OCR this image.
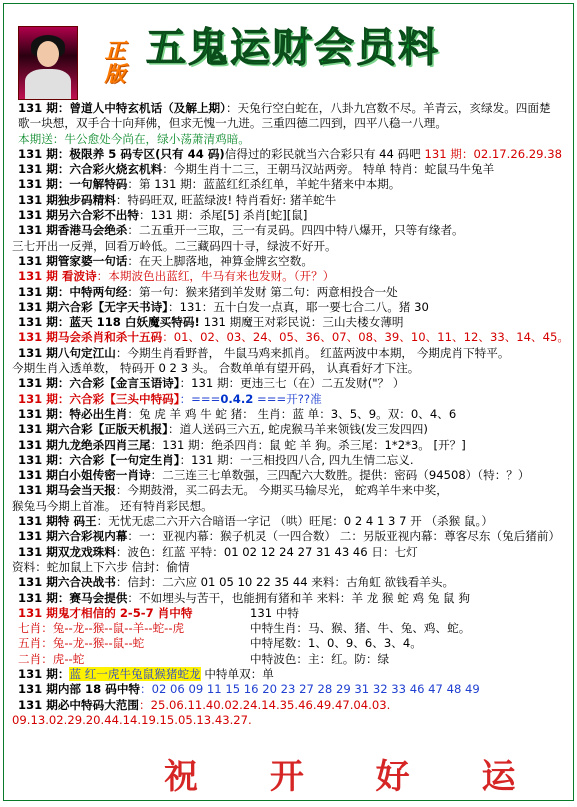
正版
五鬼运财会员料
131 期：曾道人中特玄机话（及解上期）：天兔行空白蛇在，八卦九宫数不尽。羊青云，亥绿发。四面楚
歌一块想，双手合十向拜佛，但求无愧一九进。三重四德二四到，四平八稳一八理。
本期送：牛公愈处今尚在，绿小荡萧清鸡暗。
131 期：极限养 5 码专区(只有 44 码)信得过的彩民就当六合彩只有 44 码吧 131 期：02.17.26.29.38
131 期：六合彩火烧玄机料：今期生肖十二三，王朝马汉站两旁。 特单 特肖：蛇鼠马牛兔羊
131 期：一句解特码：第 131 期：蓝蓝红红杀红单，羊蛇牛猪来中本期。
131 期独步码精料：特码旺双, 旺蓝绿波! 特肖看好: 猪羊蛇牛
131 期另六合彩不出特：131 期：杀尾[5] 杀肖[蛇][鼠]
131 期香港马会绝杀：二五重开一三取，三一有灵码。四四中特八爆开，只等有缘者。
三七开出一反弹，回看万岭低。二三藏码四十寻，绿波不好开。
131 期管家婆一句话：在天上脚落地，神算金牌玄空数。
131 期 看波诗：本期波色出蓝红，牛马有来也发财。（开？）
131 期：中特两句经：第一句：猴来猪到羊发财 第二句：两意相投合一处
131 期六合彩【无字天书诗】：131：五十白发一点真，耶一要七合二八。猪 30
131 期：蓝天 118 白妖魔买特码! 131 期魔王对彩民说：三山夫楼女薄明
131 期马会杀肖和杀十五码：01、02、03、24、05、36、07、08、39、10、11、12、33、14、45。
131 期八句定江山：今期生肖看野普， 牛鼠马鸡来抓肖。 红蓝两波中本期， 今期虎肖下特平。
今期生肖入透单数， 特码开 0 2 3 头。 合数单单有望开码， 认真看好才下注。
131 期：六合彩【金言玉语诗】：131 期：更违三七（在）二五发财("？ ）
131 期：六合彩【三头中特码】：===0.4.2 ===开??准
131 期：特必出生肖：兔 虎 羊 鸡 牛 蛇 猪： 生肖：蓝 单：3、5、9。双：0、4、6
131 期六合彩【正版天机报】：道人送码三六五, 蛇虎猴马羊来领钱(发三发四四)
131 期九龙绝杀四肖三尾：131 期：绝杀四肖：鼠 蛇 羊 狗。杀三尾：1*2*3。 [开？]
131 期：六合彩【一句定生肖】：131 期：一三相投四八合, 四九生情二忘义.
131 期白小姐传密一肖诗：二三连三七单数强，三四配六大数胜。提供：密码（94508）（特：？）
131 期马会当天报：今期鼓滑，买二码去无。 今期买马输尽光， 蛇鸡羊牛来中奖，
猴兔马今期上首准。 还有特肖彩民想。
131 期特 码王：无忧无虑二六开六合暗语一字记 （哄）旺尾：0 2 4 1 3 7 开 （杀猴 鼠。）
131 期六合彩视内幕：一：亚视内幕：猴子机灵（一四合数） 二：另版亚视内幕：尊客尽东（兔后猪前）
131 期双龙戏珠料：波色：红蓝 平特：01 02 12 24 27 31 43 46 日：七灯
资料：蛇加鼠上下六步 信封：偷情
131 期六合决战书：信封：二六应 01 05 10 22 35 44 来料：古角虹 欲钱看羊头。
131 期：赛马会提供：不如埋头与苦干，也能拥有猪和羊 来料：羊 龙 猴 蛇 鸡 兔 鼠 狗
131 期鬼才相信的 2-5-7 肖中特
七肖：兔--龙--猴--鼠--羊--蛇--虎
五肖：兔--龙--猴--鼠--蛇
二肖：虎--蛇
131 中特
中特生肖：马、猴、猪、牛、兔、鸡、蛇。
中特尾数：1、0、9、6、3、4。
中特波色：主：红。防：绿
131 期：蓝 红一虎牛兔鼠猴猪蛇龙 中特单双：单
131 期内部 18 码中特：02 06 09 11 15 16 20 23 27 28 29 31 32 33 46 47 48 49
131 期必中特码大范围：25.06.11.40.02.24.14.35.46.49.47.04.03.
09.13.02.29.20.44.14.19.15.05.13.43.27.
祝 开 好 运
